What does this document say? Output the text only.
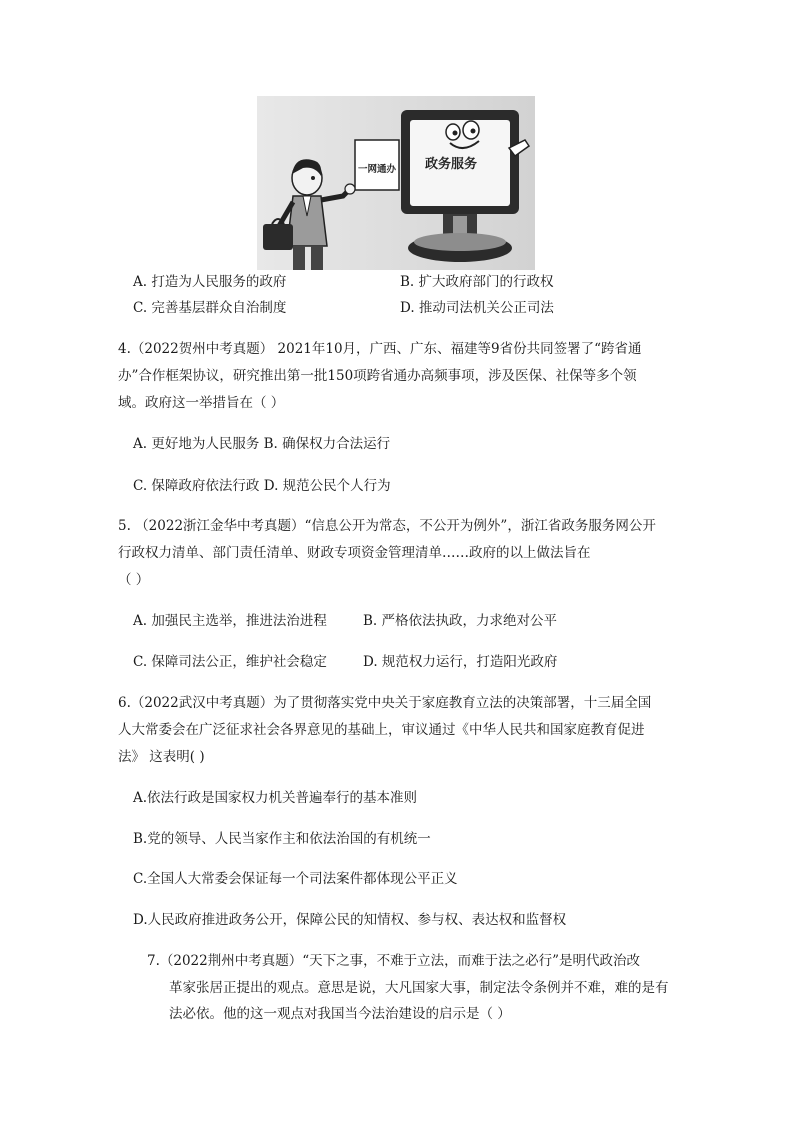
政务服务
一网通办
A. 打造为人民服务的政府	B. 扩大政府部门的行政权
C. 完善基层群众自治制度	D. 推动司法机关公正司法
4.（2022贺州中考真题） 2021年10月，广西、广东、福建等9省份共同签署了“跨省通
办”合作框架协议，研究推出第一批150项跨省通办高频事项，涉及医保、社保等多个领
域。政府这一举措旨在（ ）
A. 更好地为人民服务 B. 确保权力合法运行
C. 保障政府依法行政 D. 规范公民个人行为
5. （2022浙江金华中考真题）“信息公开为常态，不公开为例外”，浙江省政务服务网公开
行政权力清单、部门责任清单、财政专项资金管理清单……政府的以上做法旨在
（ ）
A. 加强民主选举，推进法治进程	B. 严格依法执政，力求绝对公平
C. 保障司法公正，维护社会稳定	D. 规范权力运行，打造阳光政府
6.（2022武汉中考真题）为了贯彻落实党中央关于家庭教育立法的决策部署，十三届全国
人大常委会在广泛征求社会各界意见的基础上，审议通过《中华人民共和国家庭教育促进
法》 这表明( )
A.依法行政是国家权力机关普遍奉行的基本准则
B.党的领导、人民当家作主和依法治国的有机统一
C.全国人大常委会保证每一个司法案件都体现公平正义
D.人民政府推进政务公开，保障公民的知情权、参与权、表达权和监督权
7.（2022荆州中考真题）“天下之事，不难于立法，而难于法之必行”是明代政治改
革家张居正提出的观点。意思是说，大凡国家大事，制定法令条例并不难，难的是有
法必依。他的这一观点对我国当今法治建设的启示是（ ）
